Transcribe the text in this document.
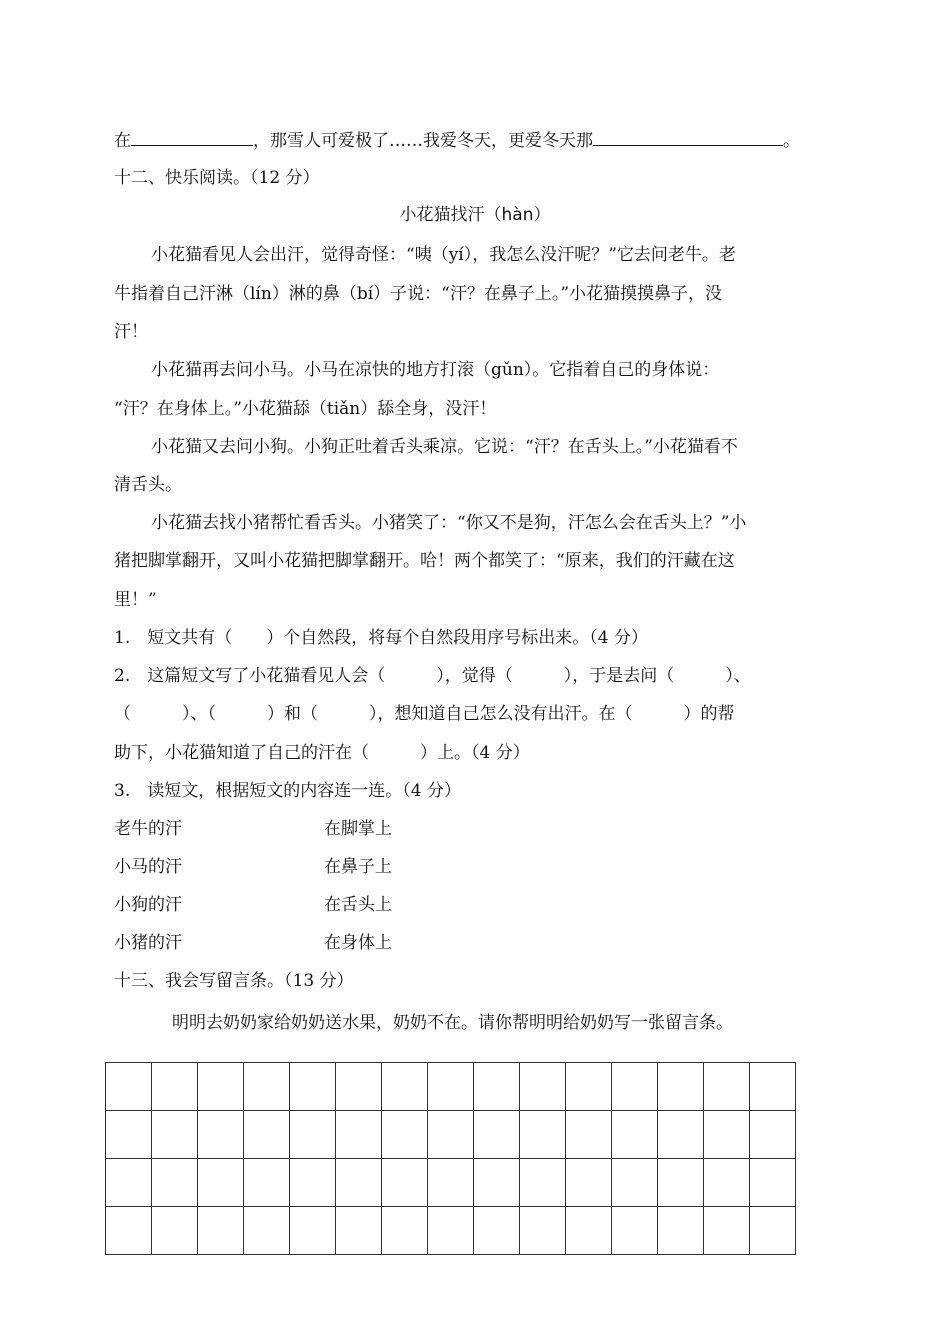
在	，那雪人可爱极了……我爱冬天，更爱冬天那	。
十二、快乐阅读。（12 分）
小花猫找汗（hàn）
小花猫看见人会出汗，觉得奇怪：“咦（yí），我怎么没汗呢？”它去问老牛。老
牛指着自己汗淋（lín）淋的鼻（bí）子说：“汗？在鼻子上。”小花猫摸摸鼻子，没
汗！
小花猫再去问小马。小马在凉快的地方打滚（gǔn）。它指着自己的身体说：
“汗？在身体上。”小花猫舔（tiǎn）舔全身，没汗！
小花猫又去问小狗。小狗正吐着舌头乘凉。它说：“汗？在舌头上。”小花猫看不
清舌头。
小花猫去找小猪帮忙看舌头。小猪笑了：“你又不是狗，汗怎么会在舌头上？”小
猪把脚掌翻开，又叫小花猫把脚掌翻开。哈！两个都笑了：“原来，我们的汗藏在这
里！”
1.　短文共有（　　）个自然段，将每个自然段用序号标出来。（4 分）
2.　这篇短文写了小花猫看见人会（　　　），觉得（　　　），于是去问（　　　）、
（　　　）、（　　　）和（　　　），想知道自己怎么没有出汗。在（　　　）的帮
助下，小花猫知道了自己的汗在（　　　）上。（4 分）
3.　读短文，根据短文的内容连一连。（4 分）
老牛的汗	在脚掌上
小马的汗	在鼻子上
小狗的汗	在舌头上
小猪的汗	在身体上
十三、我会写留言条。（13 分）
明明去奶奶家给奶奶送水果，奶奶不在。请你帮明明给奶奶写一张留言条。
